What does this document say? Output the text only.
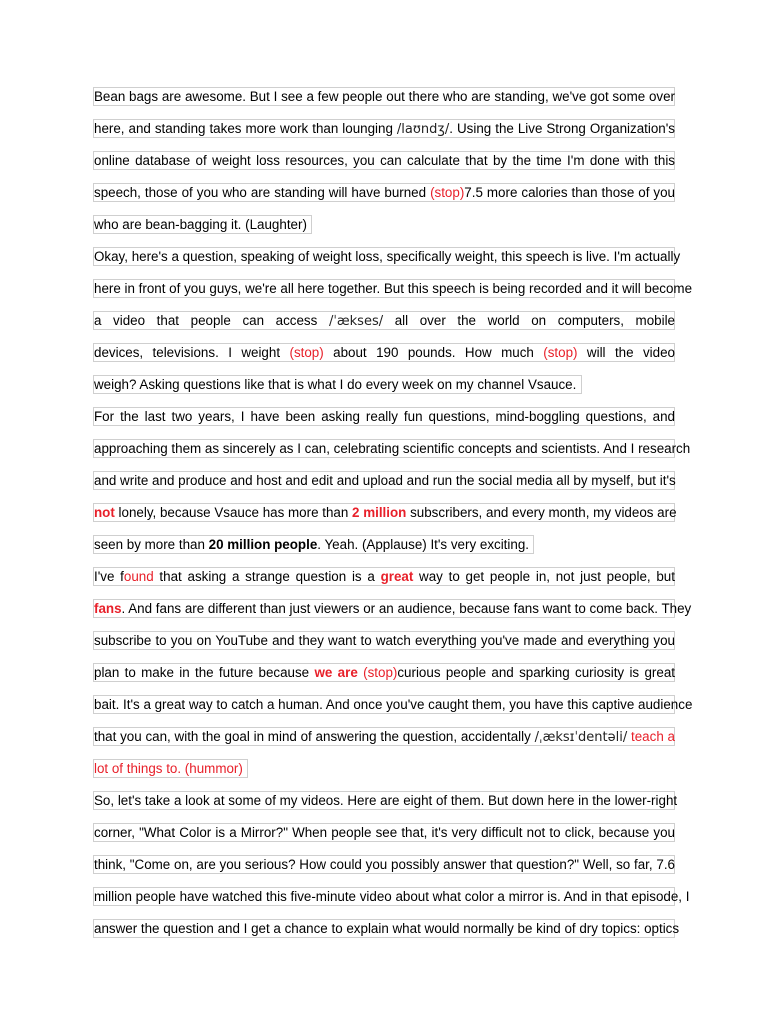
Bean bags are awesome. But I see a few people out there who are standing, we've got some over
here, and standing takes more work than lounging /laʊndʒ/. Using the Live Strong Organization's
online database of weight loss resources, you can calculate that by the time I'm done with this
speech, those of you who are standing will have burned (stop)7.5 more calories than those of you
who are bean-bagging it. (Laughter)
Okay, here's a question, speaking of weight loss, specifically weight, this speech is live. I'm actually
here in front of you guys, we're all here together. But this speech is being recorded and it will become
a video that people can access /ˈækses/ all over the world on computers, mobile
devices, televisions. I weight (stop) about 190 pounds. How much (stop) will the video
weigh? Asking questions like that is what I do every week on my channel Vsauce.
For the last two years, I have been asking really fun questions, mind-boggling questions, and
approaching them as sincerely as I can, celebrating scientific concepts and scientists. And I research
and write and produce and host and edit and upload and run the social media all by myself, but it's
not lonely, because Vsauce has more than 2 million subscribers, and every month, my videos are
seen by more than 20 million people. Yeah. (Applause) It's very exciting.
I've found that asking a strange question is a great way to get people in, not just people, but
fans. And fans are different than just viewers or an audience, because fans want to come back. They
subscribe to you on YouTube and they want to watch everything you've made and everything you
plan to make in the future because we are (stop)curious people and sparking curiosity is great
bait. It's a great way to catch a human. And once you've caught them, you have this captive audience
that you can, with the goal in mind of answering the question, accidentally /ˌæksɪˈdentəli/ teach a
lot of things to. (hummor)
So, let's take a look at some of my videos. Here are eight of them. But down here in the lower-right
corner, "What Color is a Mirror?" When people see that, it's very difficult not to click, because you
think, "Come on, are you serious? How could you possibly answer that question?" Well, so far, 7.6
million people have watched this five-minute video about what color a mirror is. And in that episode, I
answer the question and I get a chance to explain what would normally be kind of dry topics: optics
